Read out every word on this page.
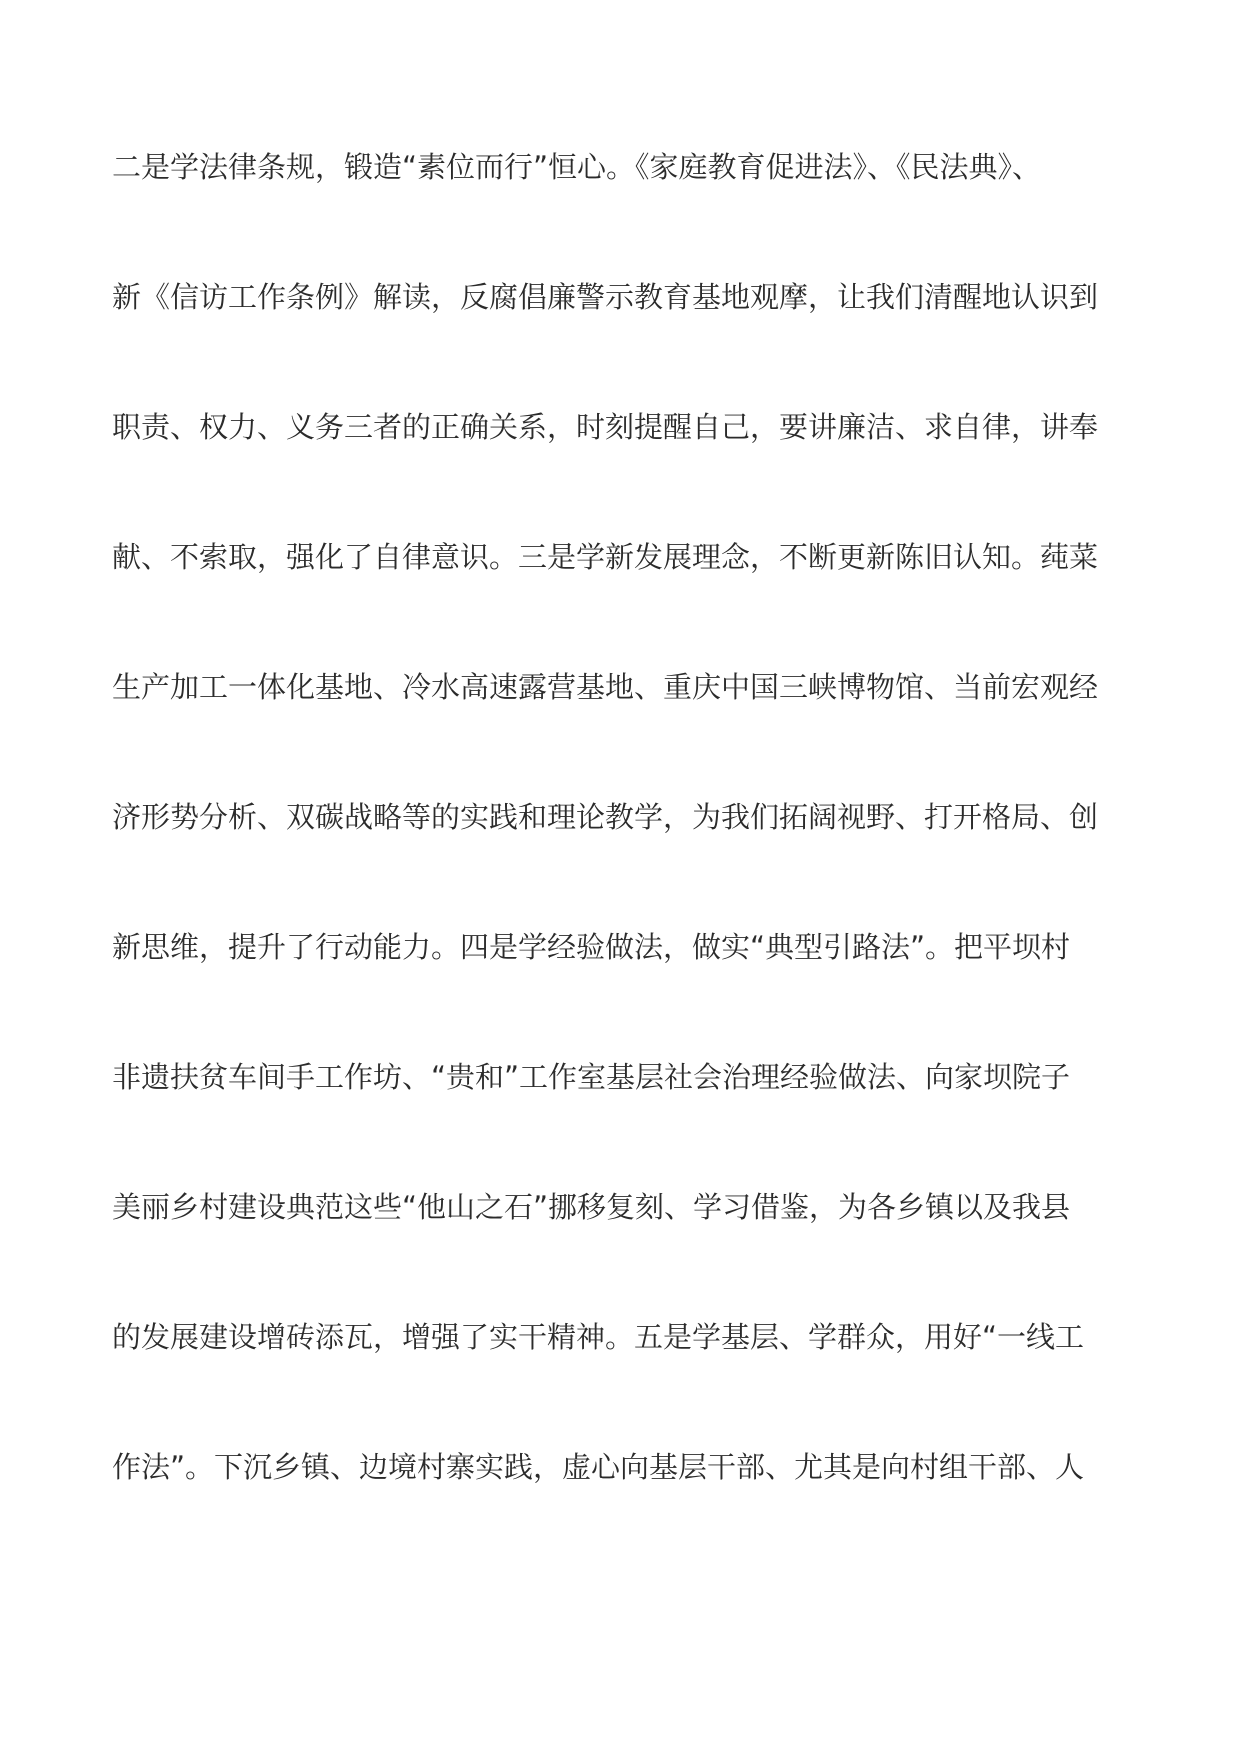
二是学法律条规，锻造“素位而行”恒心。《家庭教育促进法》、《民法典》、
新《信访工作条例》解读，反腐倡廉警示教育基地观摩，让我们清醒地认识到
职责、权力、义务三者的正确关系，时刻提醒自己，要讲廉洁、求自律，讲奉
献、不索取，强化了自律意识。三是学新发展理念，不断更新陈旧认知。莼菜
生产加工一体化基地、冷水高速露营基地、重庆中国三峡博物馆、当前宏观经
济形势分析、双碳战略等的实践和理论教学，为我们拓阔视野、打开格局、创
新思维，提升了行动能力。四是学经验做法，做实“典型引路法”。把平坝村
非遗扶贫车间手工作坊、“贵和”工作室基层社会治理经验做法、向家坝院子
美丽乡村建设典范这些“他山之石”挪移复刻、学习借鉴，为各乡镇以及我县
的发展建设增砖添瓦，增强了实干精神。五是学基层、学群众，用好“一线工
作法”。下沉乡镇、边境村寨实践，虚心向基层干部、尤其是向村组干部、人
